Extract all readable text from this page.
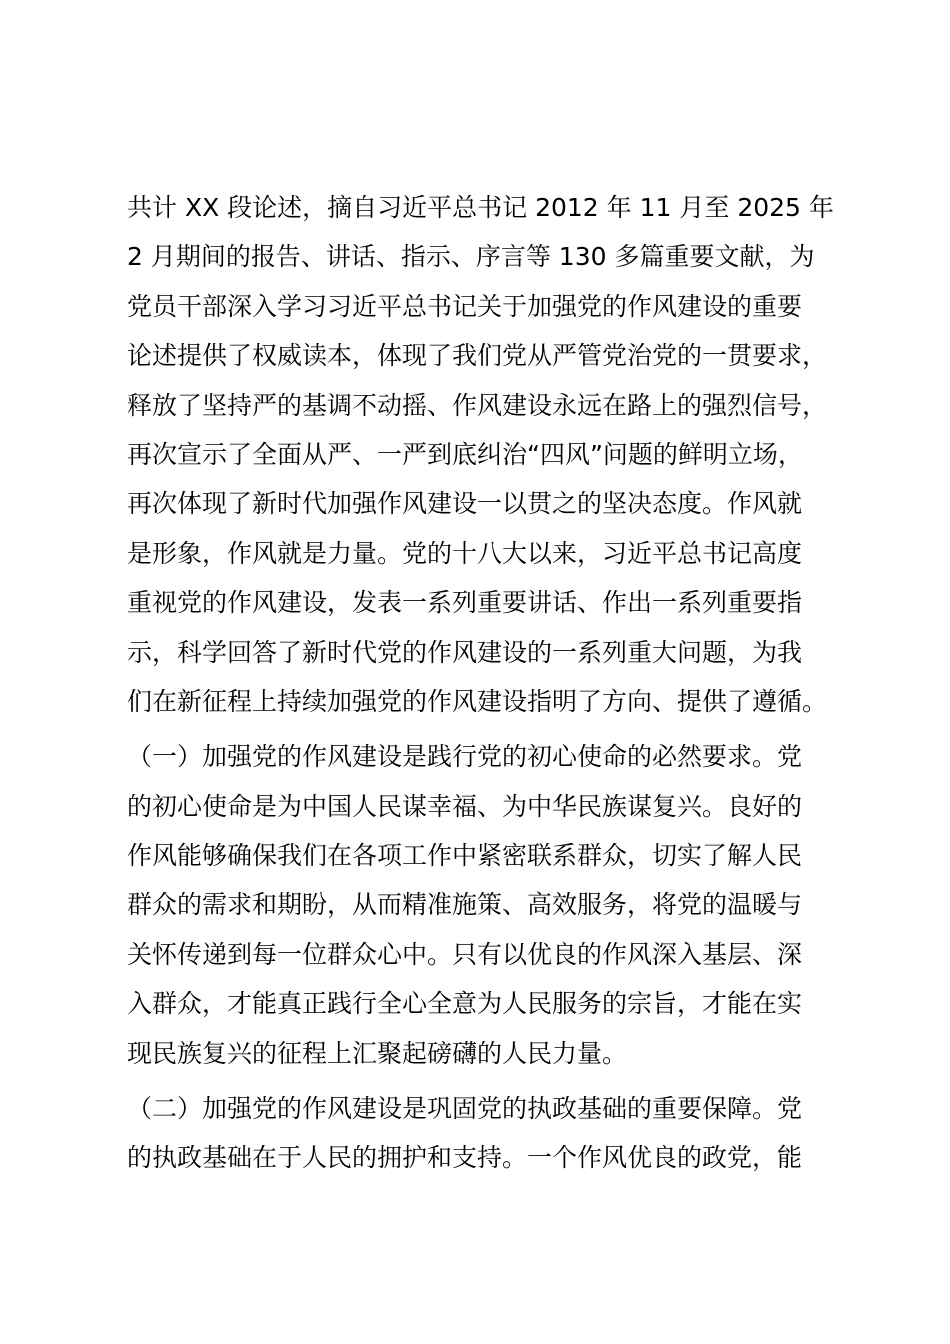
共计 XX 段论述，摘自习近平总书记 2012 年 11 月至 2025 年
2 月期间的报告、讲话、指示、序言等 130 多篇重要文献，为
党员干部深入学习习近平总书记关于加强党的作风建设的重要
论述提供了权威读本，体现了我们党从严管党治党的一贯要求，
释放了坚持严的基调不动摇、作风建设永远在路上的强烈信号，
再次宣示了全面从严、一严到底纠治“四风”问题的鲜明立场，
再次体现了新时代加强作风建设一以贯之的坚决态度。作风就
是形象，作风就是力量。党的十八大以来，习近平总书记高度
重视党的作风建设，发表一系列重要讲话、作出一系列重要指
示，科学回答了新时代党的作风建设的一系列重大问题，为我
们在新征程上持续加强党的作风建设指明了方向、提供了遵循。
（一）加强党的作风建设是践行党的初心使命的必然要求。党
的初心使命是为中国人民谋幸福、为中华民族谋复兴。良好的
作风能够确保我们在各项工作中紧密联系群众，切实了解人民
群众的需求和期盼，从而精准施策、高效服务，将党的温暖与
关怀传递到每一位群众心中。只有以优良的作风深入基层、深
入群众，才能真正践行全心全意为人民服务的宗旨，才能在实
现民族复兴的征程上汇聚起磅礴的人民力量。
（二）加强党的作风建设是巩固党的执政基础的重要保障。党
的执政基础在于人民的拥护和支持。一个作风优良的政党，能
